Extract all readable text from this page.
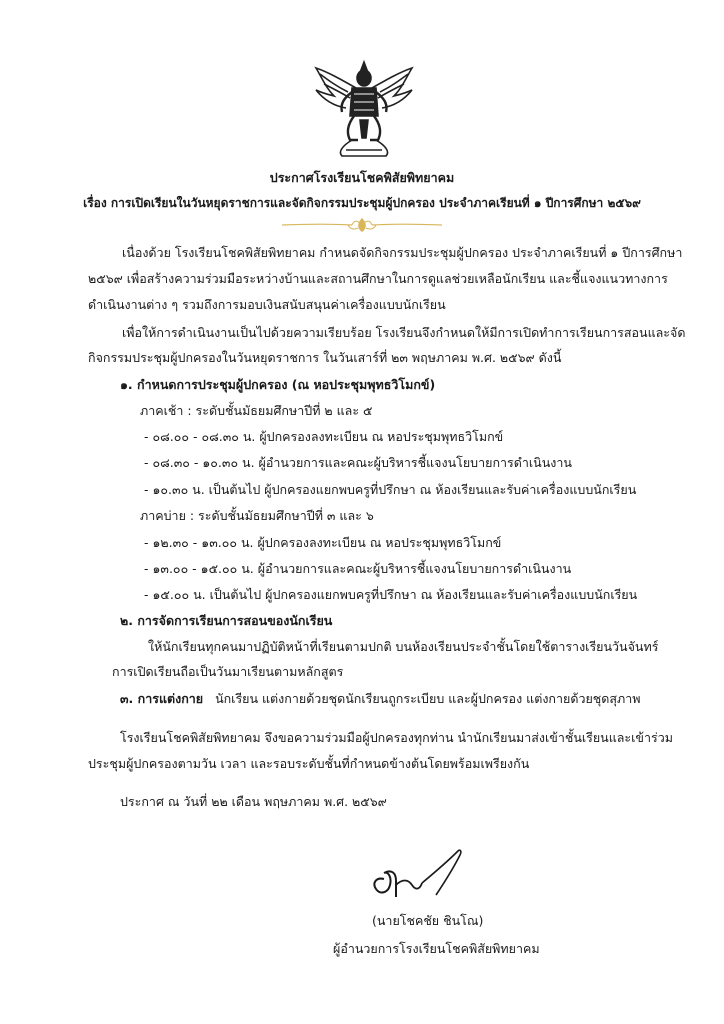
ประกาศโรงเรียนโชคพิสัยพิทยาคม
เรื่อง การเปิดเรียนในวันหยุดราชการและจัดกิจกรรมประชุมผู้ปกครอง ประจำภาคเรียนที่ ๑ ปีการศึกษา ๒๕๖๙
เนื่องด้วย โรงเรียนโชคพิสัยพิทยาคม กำหนดจัดกิจกรรมประชุมผู้ปกครอง ประจำภาคเรียนที่ ๑ ปีการศึกษา
๒๕๖๙ เพื่อสร้างความร่วมมือระหว่างบ้านและสถานศึกษาในการดูแลช่วยเหลือนักเรียน และชี้แจงแนวทางการ
ดำเนินงานต่าง ๆ รวมถึงการมอบเงินสนับสนุนค่าเครื่องแบบนักเรียน
เพื่อให้การดำเนินงานเป็นไปด้วยความเรียบร้อย โรงเรียนจึงกำหนดให้มีการเปิดทำการเรียนการสอนและจัด
กิจกรรมประชุมผู้ปกครองในวันหยุดราชการ ในวันเสาร์ที่ ๒๓ พฤษภาคม พ.ศ. ๒๕๖๙ ดังนี้
๑. กำหนดการประชุมผู้ปกครอง (ณ หอประชุมพุทธวิโมกข์)
ภาคเช้า : ระดับชั้นมัธยมศึกษาปีที่ ๒ และ ๕
- ๐๘.๐๐ - ๐๘.๓๐ น. ผู้ปกครองลงทะเบียน ณ หอประชุมพุทธวิโมกข์
- ๐๘.๓๐ - ๑๐.๓๐ น. ผู้อำนวยการและคณะผู้บริหารชี้แจงนโยบายการดำเนินงาน
- ๑๐.๓๐ น. เป็นต้นไป ผู้ปกครองแยกพบครูที่ปรึกษา ณ ห้องเรียนและรับค่าเครื่องแบบนักเรียน
ภาคบ่าย : ระดับชั้นมัธยมศึกษาปีที่ ๓ และ ๖
- ๑๒.๓๐ - ๑๓.๐๐ น. ผู้ปกครองลงทะเบียน ณ หอประชุมพุทธวิโมกข์
- ๑๓.๐๐ - ๑๕.๐๐ น. ผู้อำนวยการและคณะผู้บริหารชี้แจงนโยบายการดำเนินงาน
- ๑๕.๐๐ น. เป็นต้นไป ผู้ปกครองแยกพบครูที่ปรึกษา ณ ห้องเรียนและรับค่าเครื่องแบบนักเรียน
๒. การจัดการเรียนการสอนของนักเรียน
ให้นักเรียนทุกคนมาปฏิบัติหน้าที่เรียนตามปกติ บนห้องเรียนประจำชั้นโดยใช้ตารางเรียนวันจันทร์
การเปิดเรียนถือเป็นวันมาเรียนตามหลักสูตร
๓. การแต่งกาย นักเรียน แต่งกายด้วยชุดนักเรียนถูกระเบียบ และผู้ปกครอง แต่งกายด้วยชุดสุภาพ
โรงเรียนโชคพิสัยพิทยาคม จึงขอความร่วมมือผู้ปกครองทุกท่าน นำนักเรียนมาส่งเข้าชั้นเรียนและเข้าร่วม
ประชุมผู้ปกครองตามวัน เวลา และรอบระดับชั้นที่กำหนดข้างต้นโดยพร้อมเพรียงกัน
ประกาศ ณ วันที่ ๒๒ เดือน พฤษภาคม พ.ศ. ๒๕๖๙
(นายโชคชัย ชินโณ)
ผู้อำนวยการโรงเรียนโชคพิสัยพิทยาคม
